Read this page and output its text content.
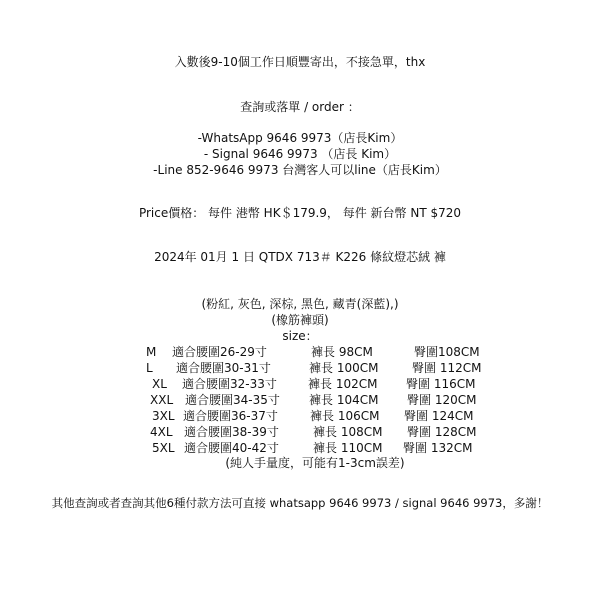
入數後9-10個工作日順豐寄出，不接急單，thx
查詢或落單 / order ：
-WhatsApp 9646 9973（店長Kim）
- Signal 9646 9973 （店長 Kim）
-Line 852-9646 9973 台灣客人可以line（店長Kim）
Price價格： 每件 港幣 HK＄179.9， 每件 新台幣 NT $720
2024年 01月 1 日 QTDX 713＃ K226 條紋燈芯絨 褲
(粉紅, 灰色, 深棕, 黑色, 藏青(深藍),)
(橡筋褲頭)
size：
M 適合腰圍26-29寸	褲長 98CM	臀圍108CM
L 適合腰圍30-31寸	褲長 100CM	臀圍 112CM
XL 適合腰圍32-33寸	褲長 102CM 臀圍 116CM
XXL 適合腰圍34-35寸 褲長 104CM 臀圍 120CM
3XL 適合腰圍36-37寸	褲長 106CM 臀圍 124CM
4XL 適合腰圍38-39寸	褲長 108CM 臀圍 128CM
5XL 適合腰圍40-42寸	褲長 110CM 臀圍 132CM
(純人手量度，可能有1-3cm誤差)
其他查詢或者查詢其他6種付款方法可直接 whatsapp 9646 9973 / signal 9646 9973，多謝！
